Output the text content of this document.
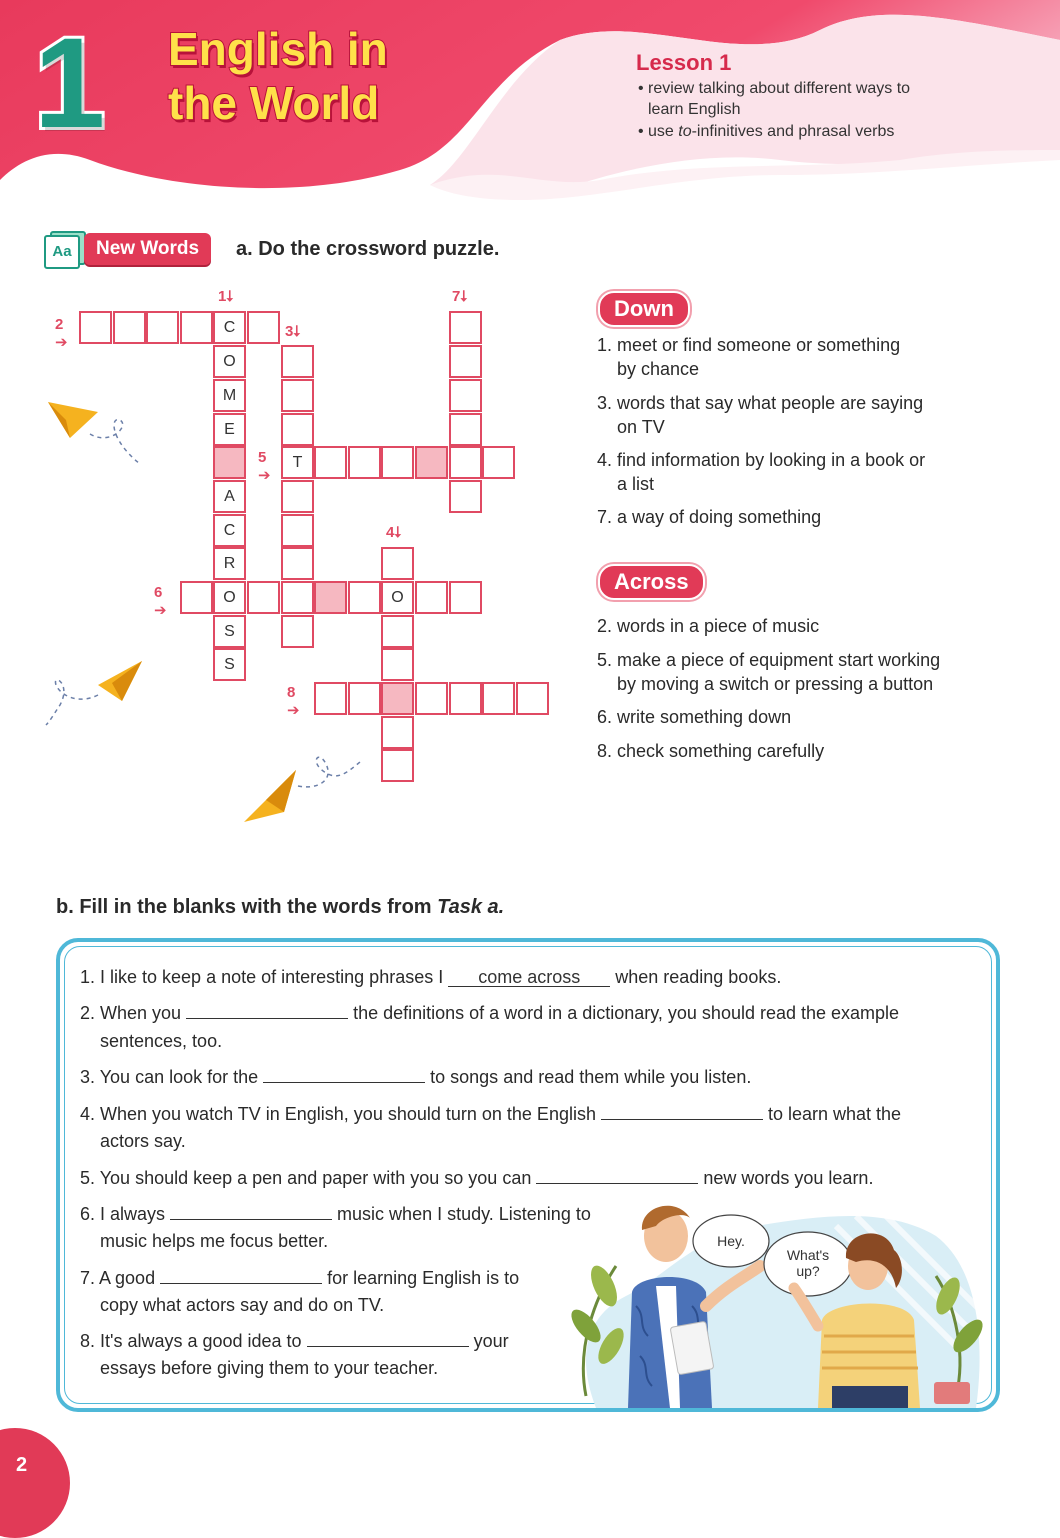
1 English in
the World
Lesson 1
• review talking about different ways to
learn English
• use to-infinitives and phrasal verbs
Aa	New Words	a. Do the crossword puzzle.
C
O
M
E
A
C
R
O
S
S
T
O
1⭣
2
➔
3⭣
4⭣
5
➔
6
➔
7⭣
8
➔
Down
1. meet or find someone or something
by chance
3. words that say what people are saying
on TV
4. find information by looking in a book or
a list
7. a way of doing something
Across
2. words in a piece of music
5. make a piece of equipment start working
by moving a switch or pressing a button
6. write something down
8. check something carefully
b. Fill in the blanks with the words from Task a.
1. I like to keep a note of interesting phrases I come across when reading books.
2. When you	the definitions of a word in a dictionary, you should read the example
sentences, too.
3. You can look for the	to songs and read them while you listen.
4. When you watch TV in English, you should turn on the English	to learn what the
actors say.
5. You should keep a pen and paper with you so you can	new words you learn.
6. I always	music when I study. Listening to
music helps me focus better.
7. A good	for learning English is to
copy what actors say and do on TV.
8. It's always a good idea to	your
essays before giving them to your teacher.
Hey.
What's
up?
2
